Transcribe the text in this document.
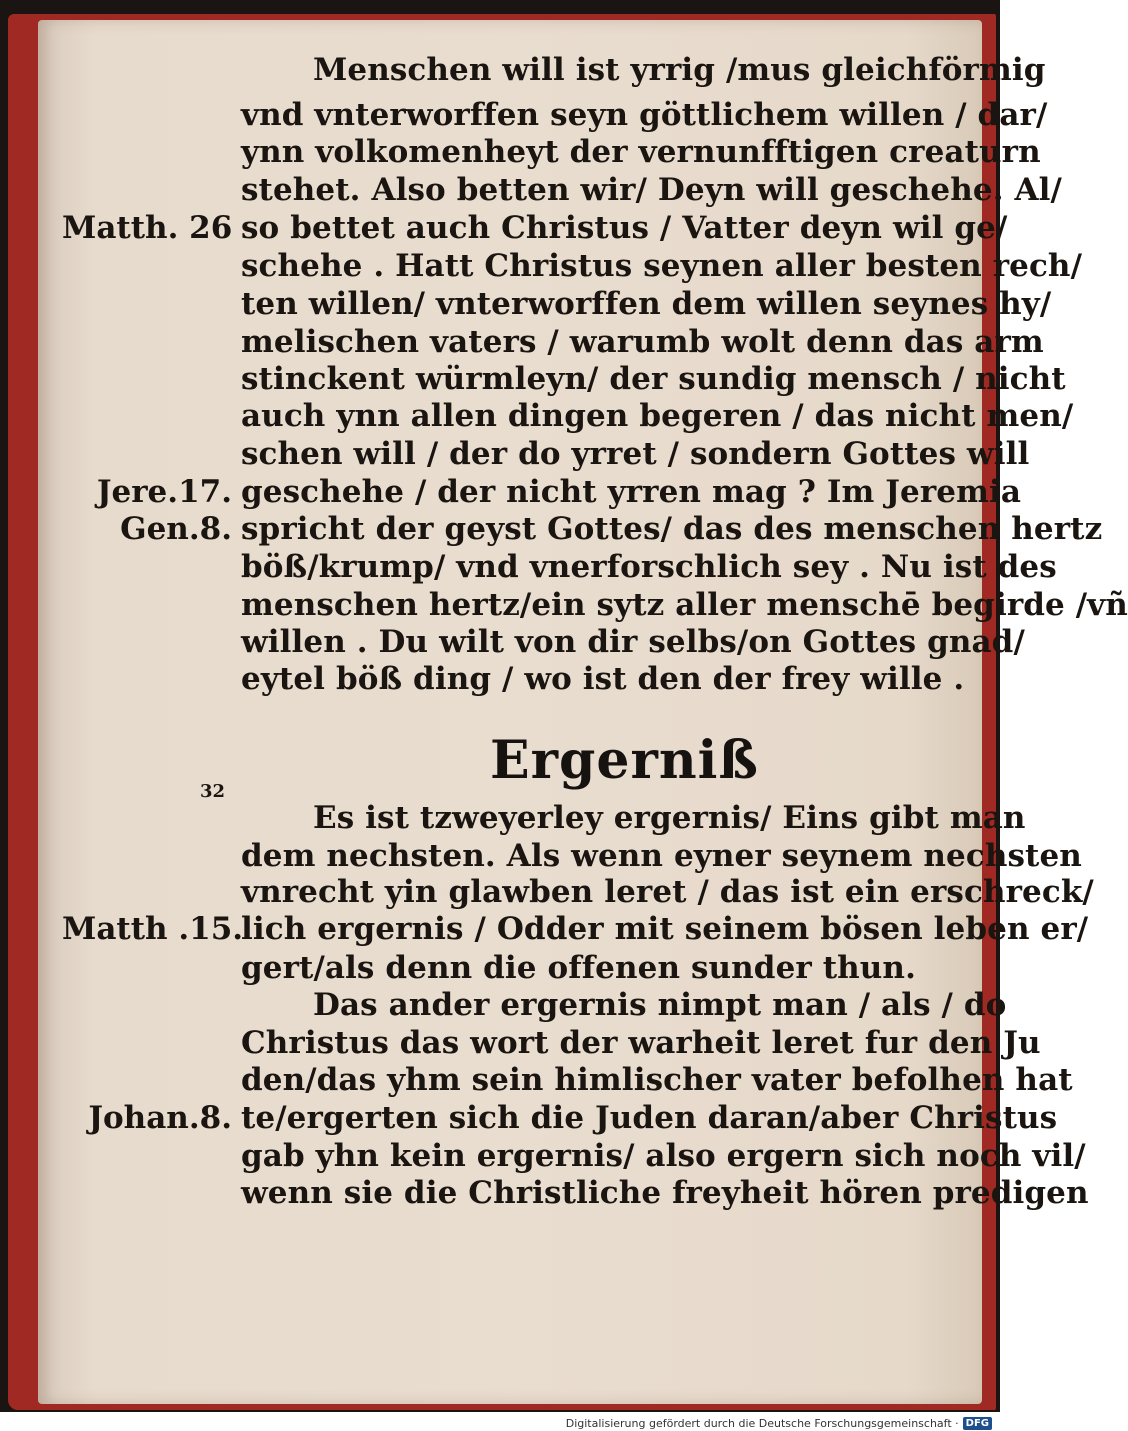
Menschen will ist yrrig /mus gleichförmig
vnd vnterworffen seyn göttlichem willen / dar/
ynn volkomenheyt der vernunfftigen creaturn
stehet. Also betten wir/ Deyn will geschehe. Al/
so bettet auch Christus / Vatter deyn wil ge/
schehe . Hatt Christus seynen aller besten rech/
ten willen/ vnterworffen dem willen seynes hy/
melischen vaters / warumb wolt denn das arm
stinckent würmleyn/ der sundig mensch / nicht
auch ynn allen dingen begeren / das nicht men/
schen will / der do yrret / sondern Gottes will
geschehe / der nicht yrren mag ? Im Jeremia
spricht der geyst Gottes/ das des menschen hertz
böß/krump/ vnd vnerforschlich sey . Nu ist des
menschen hertz/ein sytz aller menschē begirde /vñ
willen . Du wilt von dir selbs/on Gottes gnad/
eytel böß ding / wo ist den der frey wille .
Matth. 26
Jere.17.
Gen.8.
Matth .15.
Johan.8.
Ergerniß
32
Es ist tzweyerley ergernis/ Eins gibt man
dem nechsten. Als wenn eyner seynem nechsten
vnrecht yin glawben leret / das ist ein erschreck/
lich ergernis / Odder mit seinem bösen leben er/
gert/als denn die offenen sunder thun.
Das ander ergernis nimpt man / als / do
Christus das wort der warheit leret fur den Ju
den/das yhm sein himlischer vater befolhen hat
te/ergerten sich die Juden daran/aber Christus
gab yhn kein ergernis/ also ergern sich noch vil/
wenn sie die Christliche freyheit hören predigen
Digitalisierung gefördert durch die Deutsche Forschungsgemeinschaft · DFG
